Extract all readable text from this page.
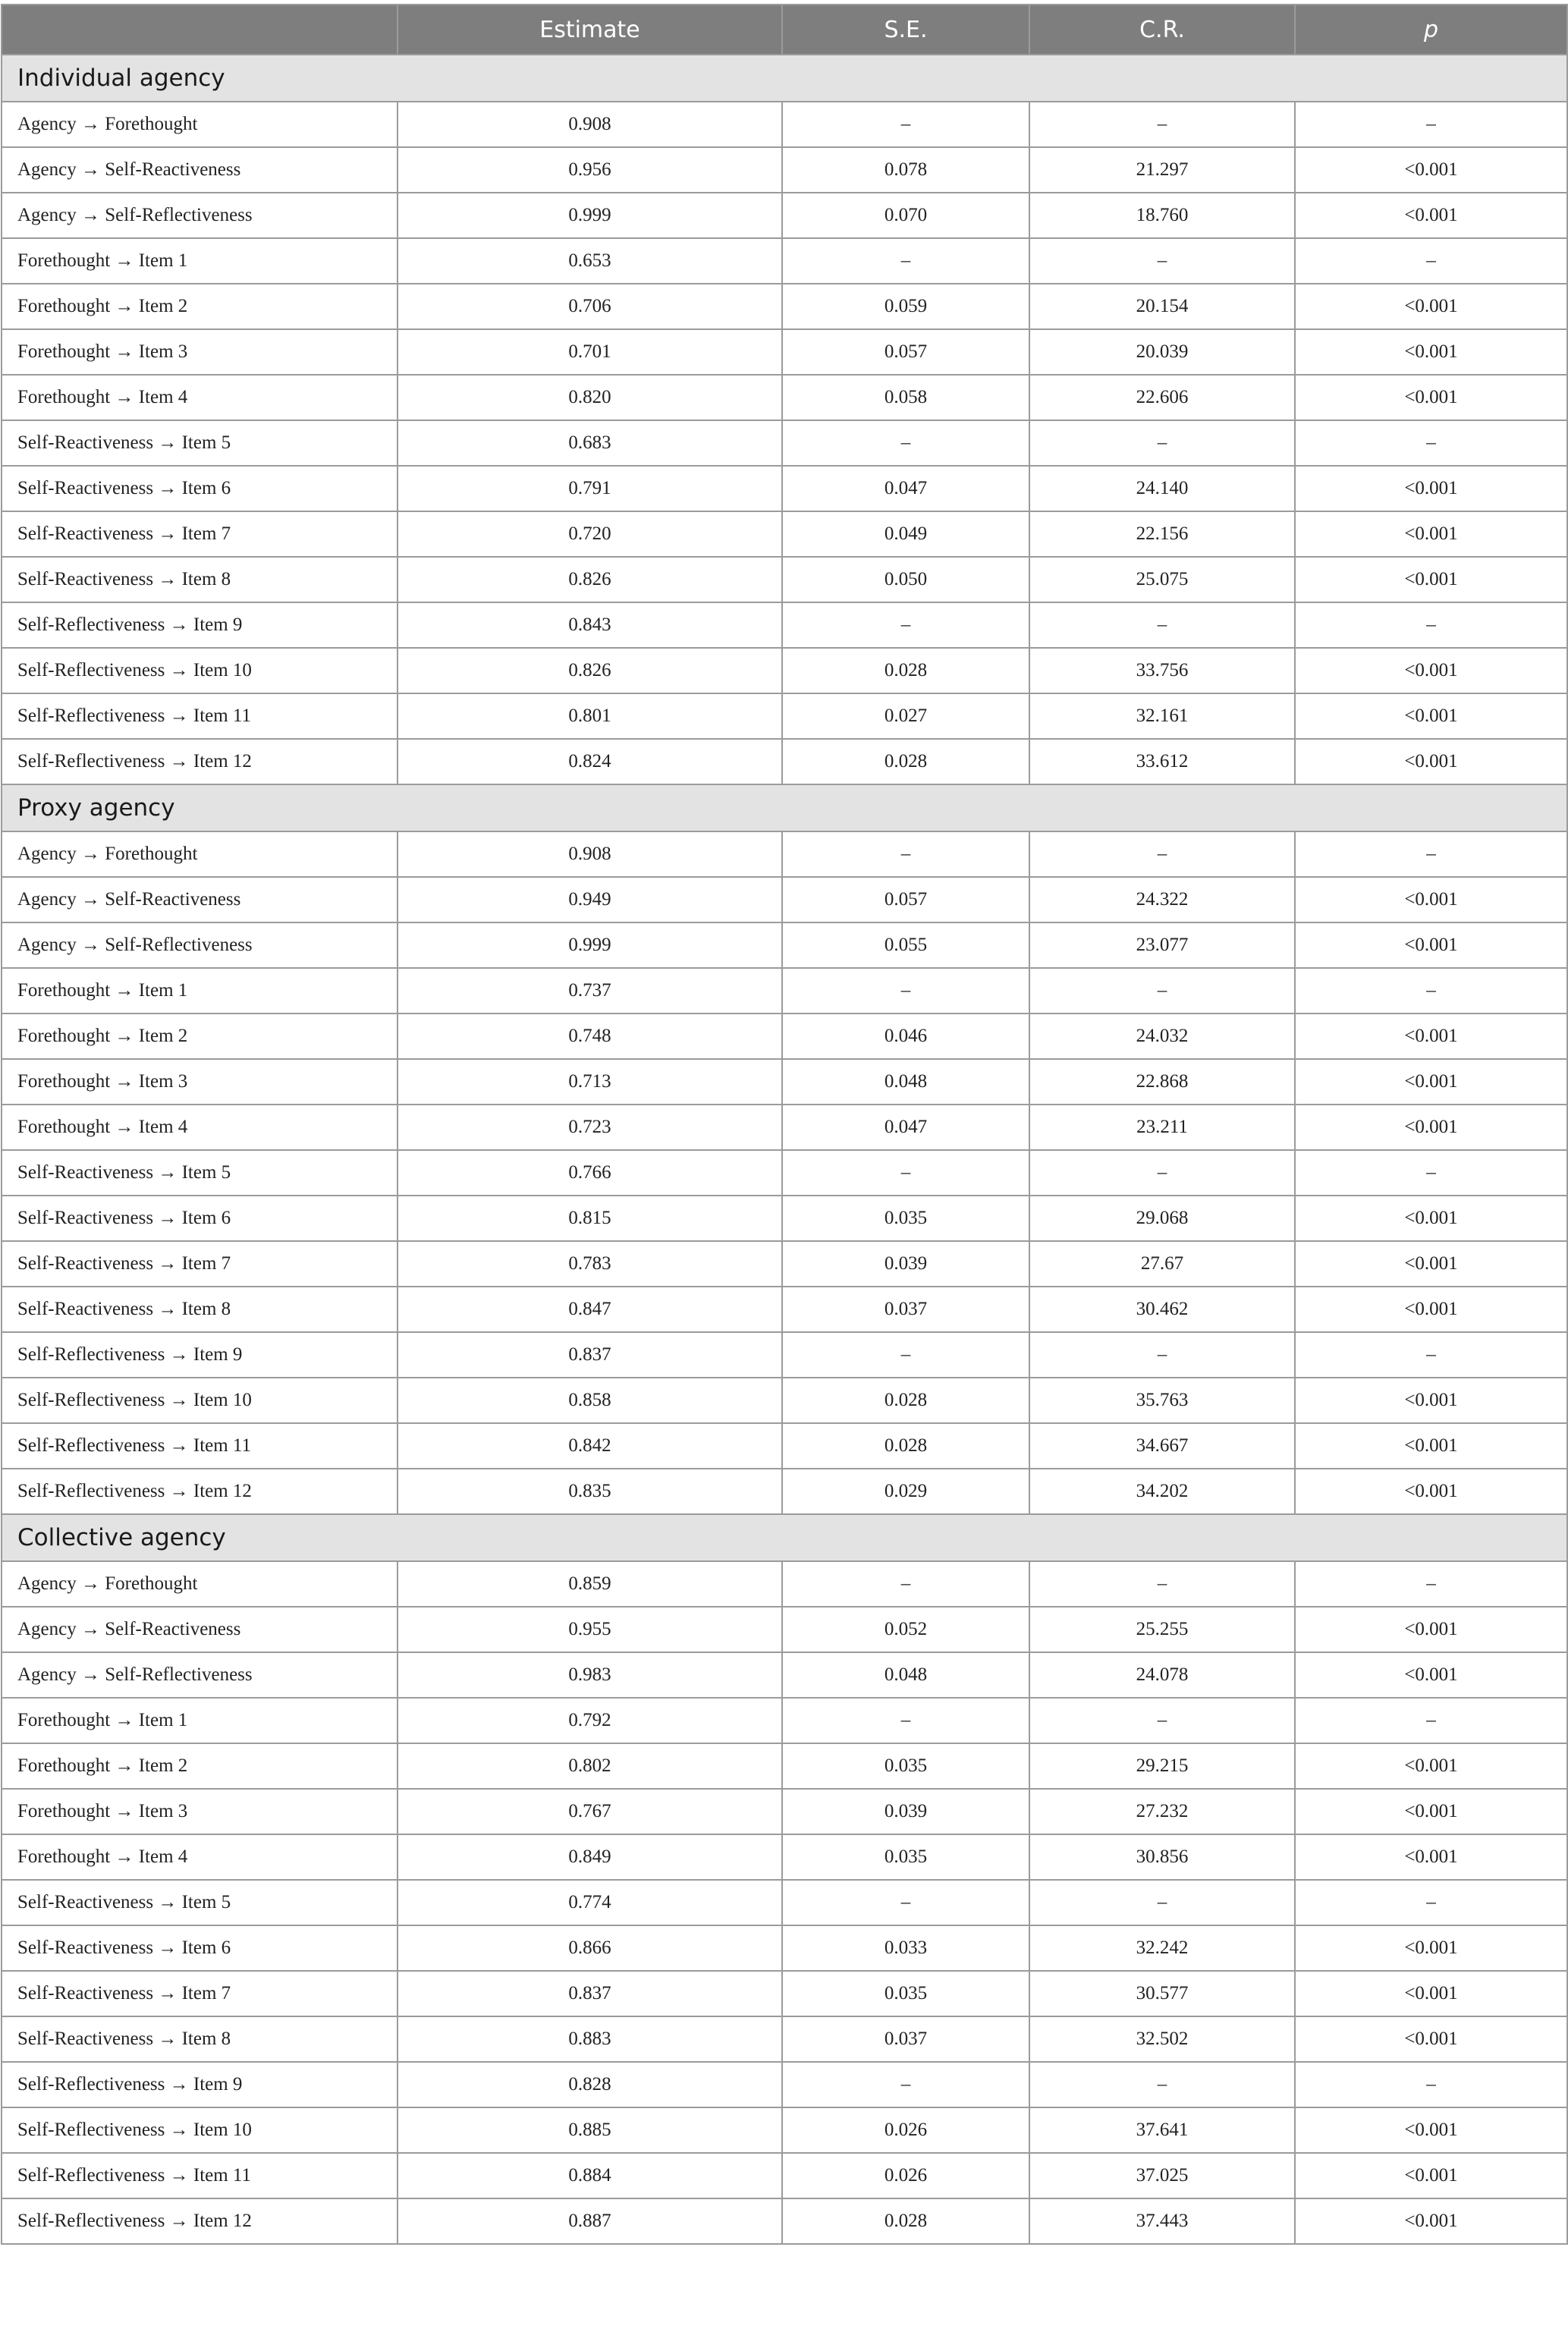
	Estimate	S.E.	C.R.	p
Individual agency				
Agency → Forethought	0.908	–	–	–
Agency → Self-Reactiveness	0.956	0.078	21.297	<0.001
Agency → Self-Reflectiveness	0.999	0.070	18.760	<0.001
Forethought → Item 1	0.653	–	–	–
Forethought → Item 2	0.706	0.059	20.154	<0.001
Forethought → Item 3	0.701	0.057	20.039	<0.001
Forethought → Item 4	0.820	0.058	22.606	<0.001
Self-Reactiveness → Item 5	0.683	–	–	–
Self-Reactiveness → Item 6	0.791	0.047	24.140	<0.001
Self-Reactiveness → Item 7	0.720	0.049	22.156	<0.001
Self-Reactiveness → Item 8	0.826	0.050	25.075	<0.001
Self-Reflectiveness → Item 9	0.843	–	–	–
Self-Reflectiveness → Item 10	0.826	0.028	33.756	<0.001
Self-Reflectiveness → Item 11	0.801	0.027	32.161	<0.001
Self-Reflectiveness → Item 12	0.824	0.028	33.612	<0.001
Proxy agency				
Agency → Forethought	0.908	–	–	–
Agency → Self-Reactiveness	0.949	0.057	24.322	<0.001
Agency → Self-Reflectiveness	0.999	0.055	23.077	<0.001
Forethought → Item 1	0.737	–	–	–
Forethought → Item 2	0.748	0.046	24.032	<0.001
Forethought → Item 3	0.713	0.048	22.868	<0.001
Forethought → Item 4	0.723	0.047	23.211	<0.001
Self-Reactiveness → Item 5	0.766	–	–	–
Self-Reactiveness → Item 6	0.815	0.035	29.068	<0.001
Self-Reactiveness → Item 7	0.783	0.039	27.67	<0.001
Self-Reactiveness → Item 8	0.847	0.037	30.462	<0.001
Self-Reflectiveness → Item 9	0.837	–	–	–
Self-Reflectiveness → Item 10	0.858	0.028	35.763	<0.001
Self-Reflectiveness → Item 11	0.842	0.028	34.667	<0.001
Self-Reflectiveness → Item 12	0.835	0.029	34.202	<0.001
Collective agency				
Agency → Forethought	0.859	–	–	–
Agency → Self-Reactiveness	0.955	0.052	25.255	<0.001
Agency → Self-Reflectiveness	0.983	0.048	24.078	<0.001
Forethought → Item 1	0.792	–	–	–
Forethought → Item 2	0.802	0.035	29.215	<0.001
Forethought → Item 3	0.767	0.039	27.232	<0.001
Forethought → Item 4	0.849	0.035	30.856	<0.001
Self-Reactiveness → Item 5	0.774	–	–	–
Self-Reactiveness → Item 6	0.866	0.033	32.242	<0.001
Self-Reactiveness → Item 7	0.837	0.035	30.577	<0.001
Self-Reactiveness → Item 8	0.883	0.037	32.502	<0.001
Self-Reflectiveness → Item 9	0.828	–	–	–
Self-Reflectiveness → Item 10	0.885	0.026	37.641	<0.001
Self-Reflectiveness → Item 11	0.884	0.026	37.025	<0.001
Self-Reflectiveness → Item 12	0.887	0.028	37.443	<0.001
